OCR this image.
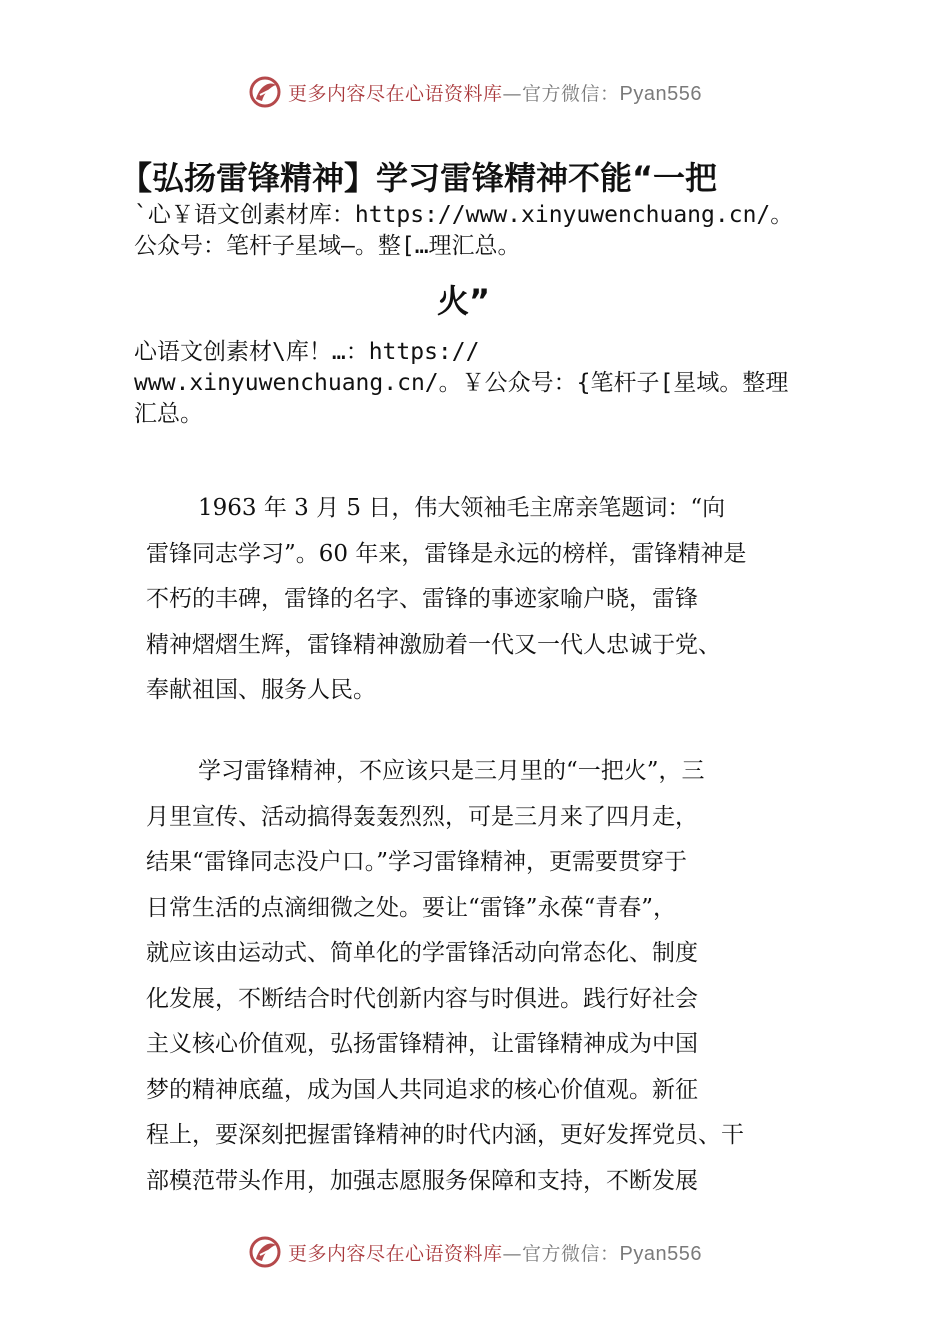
更多内容尽在心语资料库—官方微信：Pyan556
【弘扬雷锋精神】学习雷锋精神不能“一把
`心￥语文创素材库：https://www.xinyuwenchuang.cn/。
公众号：笔杆子星域—。整[…理汇总。
火”
心语文创素材\库！…：https://
www.xinyuwenchuang.cn/。￥公众号：{笔杆子[星域。整理
汇总。
1963 年 3 月 5 日，伟大领袖毛主席亲笔题词：“向
雷锋同志学习”。60 年来，雷锋是永远的榜样，雷锋精神是
不朽的丰碑，雷锋的名字、雷锋的事迹家喻户晓，雷锋
精神熠熠生辉，雷锋精神激励着一代又一代人忠诚于党、
奉献祖国、服务人民。
学习雷锋精神，不应该只是三月里的“一把火”，三
月里宣传、活动搞得轰轰烈烈，可是三月来了四月走，
结果“雷锋同志没户口。”学习雷锋精神，更需要贯穿于
日常生活的点滴细微之处。要让“雷锋”永葆“青春”，
就应该由运动式、简单化的学雷锋活动向常态化、制度
化发展，不断结合时代创新内容与时俱进。践行好社会
主义核心价值观，弘扬雷锋精神，让雷锋精神成为中国
梦的精神底蕴，成为国人共同追求的核心价值观。新征
程上，要深刻把握雷锋精神的时代内涵，更好发挥党员、干
部模范带头作用，加强志愿服务保障和支持，不断发展
更多内容尽在心语资料库—官方微信：Pyan556
